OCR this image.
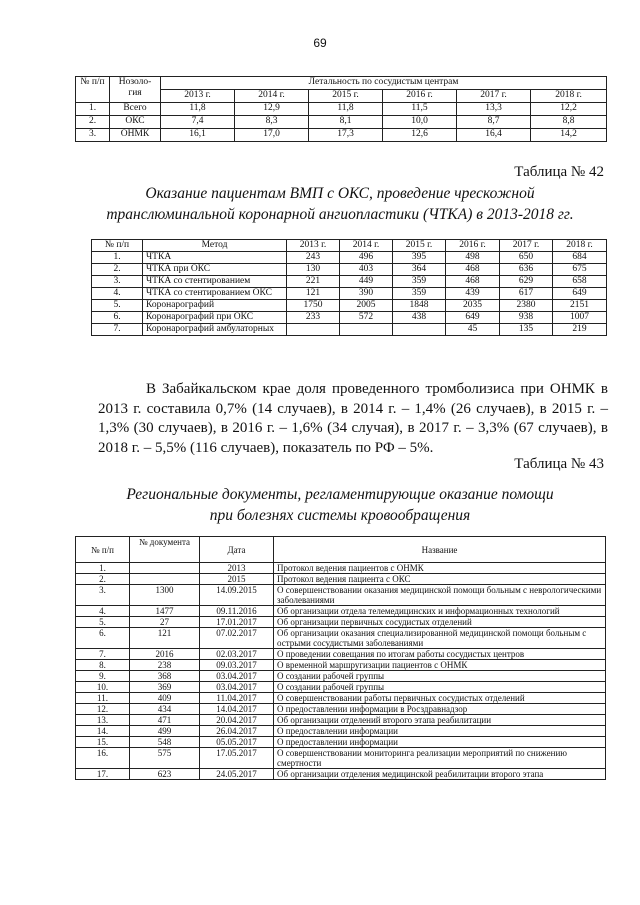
69
№ п/п	Нозоло-гия	Летальность по сосудистым центрам					
		2013 г.	2014 г.	2015 г.	2016 г.	2017 г.	2018 г.
1.	Всего	11,8	12,9	11,8	11,5	13,3	12,2
2.	ОКС	7,4	8,3	8,1	10,0	8,7	8,8
3.	ОНМК	16,1	17,0	17,3	12,6	16,4	14,2
Таблица № 42
Оказание пациентам ВМП с ОКС, проведение чрескожной транслюминальной коронарной ангиопластики (ЧТКА) в 2013-2018 гг.
№ п/п	Метод	2013 г.	2014 г.	2015 г.	2016 г.	2017 г.	2018 г.
1.	ЧТКА	243	496	395	498	650	684
2.	ЧТКА при ОКС	130	403	364	468	636	675
3.	ЧТКА со стентированием	221	449	359	468	629	658
4.	ЧТКА со стентированием ОКС	121	390	359	439	617	649
5.	Коронарографий	1750	2005	1848	2035	2380	2151
6.	Коронарографий при ОКС	233	572	438	649	938	1007
7.	Коронарографий амбулаторных				45	135	219
В Забайкальском крае доля проведенного тромболизиса при ОНМК в 2013 г. составила 0,7% (14 случаев), в 2014 г. – 1,4% (26 случаев), в 2015 г. – 1,3% (30 случаев), в 2016 г. – 1,6% (34 случая), в 2017 г. – 3,3% (67 случаев), в 2018 г. – 5,5% (116 случаев), показатель по РФ – 5%.
Таблица № 43
Региональные документы, регламентирующие оказание помощи при болезнях системы кровообращения
№ п/п	№ документа	Дата	Название
1.		2013	Протокол ведения пациентов с ОНМК
2.		2015	Протокол ведения пациента с ОКС
3.	1300	14.09.2015	О совершенствовании оказания медицинской помощи больным с неврологическими заболеваниями
4.	1477	09.11.2016	Об организации отдела телемедицинских и информационных технологий
5.	27	17.01.2017	Об организации первичных сосудистых отделений
6.	121	07.02.2017	Об организации оказания специализированной медицинской помощи больным с острыми сосудистыми заболеваниями
7.	2016	02.03.2017	О проведении совещания по итогам работы сосудистых центров
8.	238	09.03.2017	О временной маршругизации пациентов с ОНМК
9.	368	03.04.2017	О создании рабочей группы
10.	369	03.04.2017	О создании рабочей группы
11.	409	11.04.2017	О совершенствовании работы первичных сосудистых отделений
12.	434	14.04.2017	О предоставлении информации в Росздравнадзор
13.	471	20.04.2017	Об организации отделений второго этапа реабилитации
14.	499	26.04.2017	О предоставлении информации
15.	548	05.05.2017	О предоставлении информации
16.	575	17.05.2017	О совершенствовании мониторинга реализации мероприятий по снижению смертности
17.	623	24.05.2017	Об организации отделения медицинской реабилитации второго этапа
